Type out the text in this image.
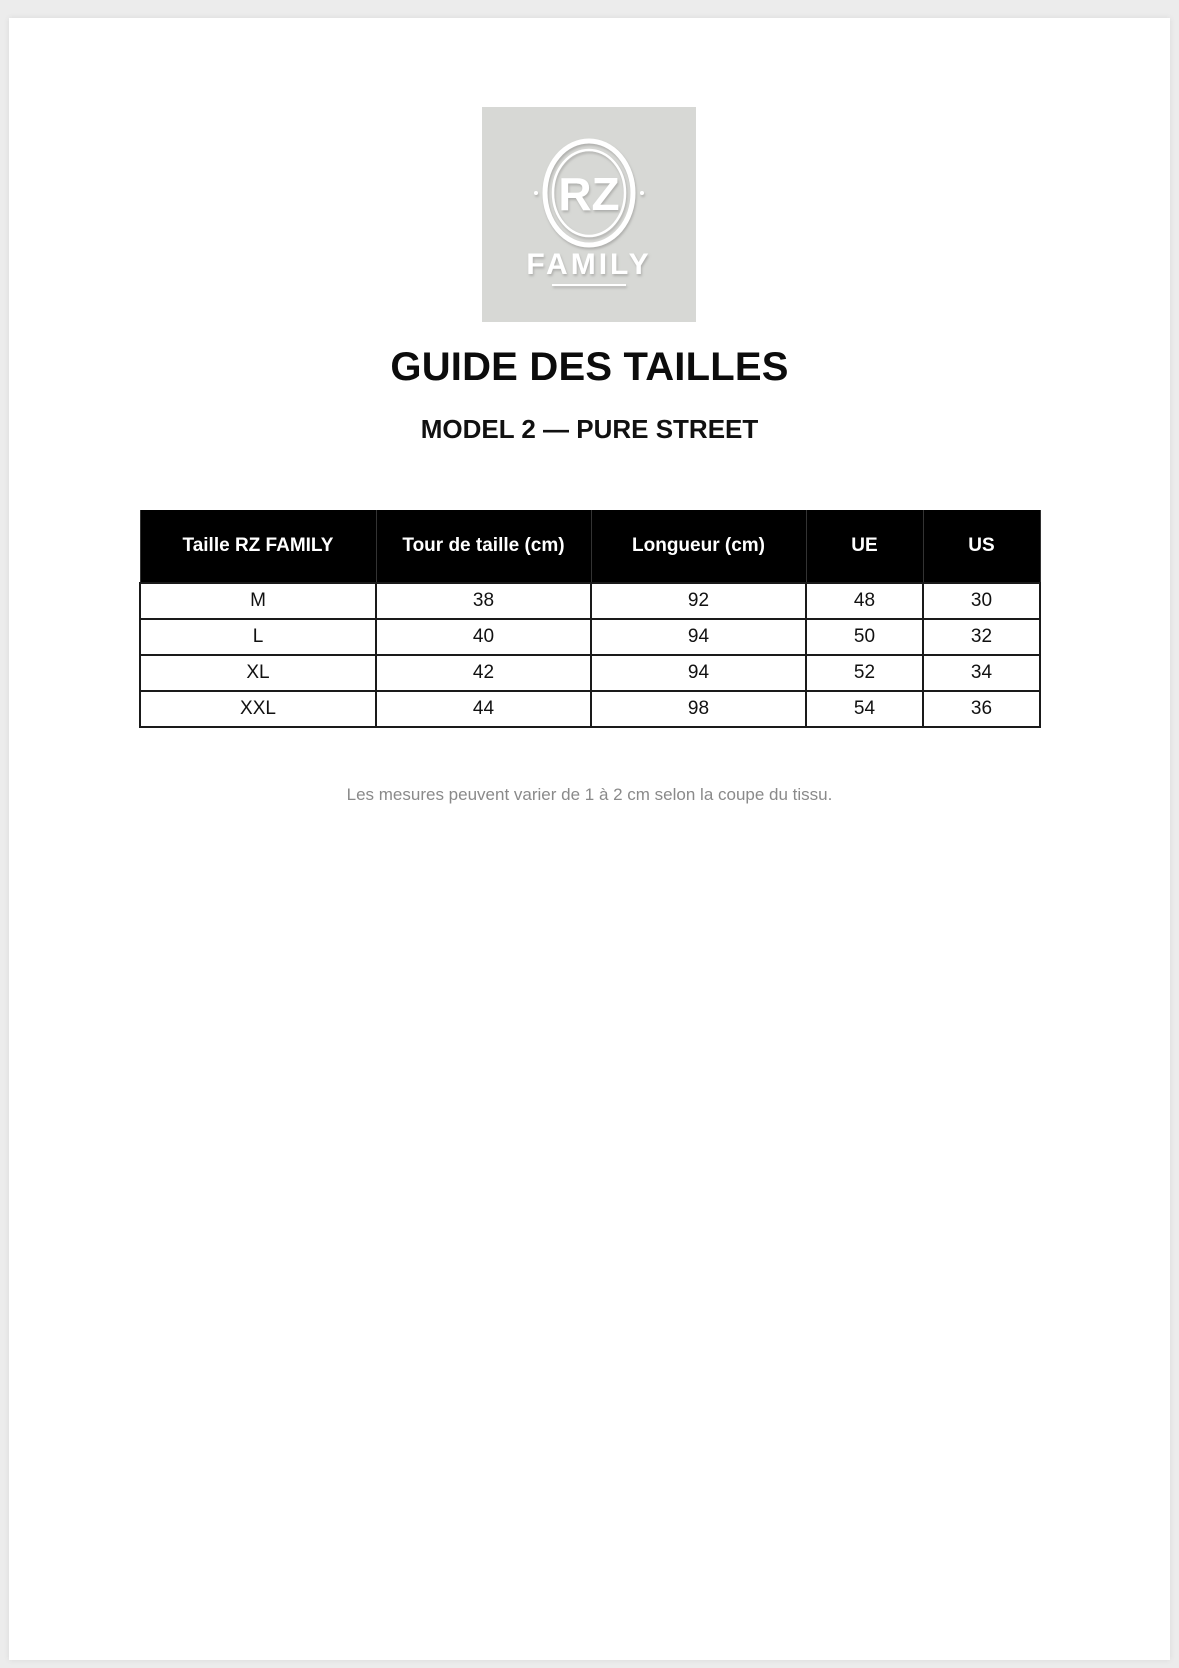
RZ
FAMILY
GUIDE DES TAILLES
MODEL 2 — PURE STREET
Taille RZ FAMILY	Tour de taille (cm)	Longueur (cm)	UE	US
M	38	92	48	30
L	40	94	50	32
XL	42	94	52	34
XXL	44	98	54	36

Les mesures peuvent varier de 1 à 2 cm selon la coupe du tissu.
